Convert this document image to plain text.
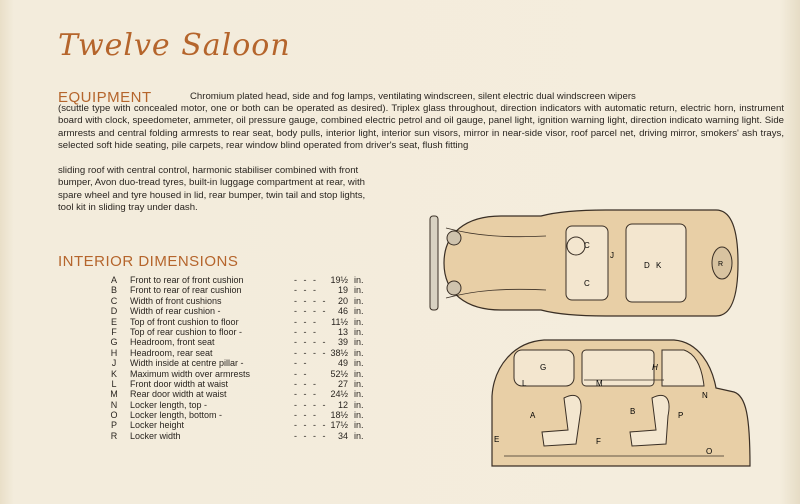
Twelve Saloon
EQUIPMENT	Chromium plated head, side and fog lamps, ventilating windscreen, silent electric dual windscreen wipers
(scuttle type with concealed motor, one or both can be operated as desired). Triplex glass throughout, direction indicators with automatic return, electric horn, instrument board with clock, speedometer, ammeter, oil pressure gauge, combined electric petrol and oil gauge, panel light, ignition warning light, direction indicato warning light. Side armrests and central folding armrests to rear seat, body pulls, interior light, interior sun visors, mirror in near-side visor, roof parcel net, driving mirror, smokers' ash trays, selected soft hide seating, pile carpets, rear window blind operated from driver's seat, flush fitting
sliding roof with central control, harmonic stabiliser combined with front bumper, Avon duo-tread tyres, built-in luggage compartment at rear, with spare wheel and tyre housed in lid, rear bumper, twin tail and stop lights, tool kit in sliding tray under dash.
INTERIOR DIMENSIONS
A	Front to rear of front cushion	- - -	19½ in.
B	Front to rear of rear cushion	- - -	19 in.
C	Width of front cushions	- - - -	20 in.
D	Width of rear cushion -	- - - -	46 in.
E	Top of front cushion to floor	- - -	11½ in.
F	Top of rear cushion to floor -	- - -	13 in.
G Headroom, front seat	- - - -	39 in.
H	Headroom, rear seat	- - - - 38½ in.
J	Width inside at centre pillar -	- -	49 in.
K	Maximum width over armrests	- -	52½ in.
L	Front door width at waist	- - -	27 in.
M Rear door width at waist	- - -	24½ in.
N	Locker length, top -	- - - -	12 in.
O Locker length, bottom -	- - -	18½ in.
P	Locker height	- - - - 17½ in.
R	Locker width	- - - -	34 in.
C
C
J
D K	R
G
M
H
N
L
A	B	P
E	F
O
